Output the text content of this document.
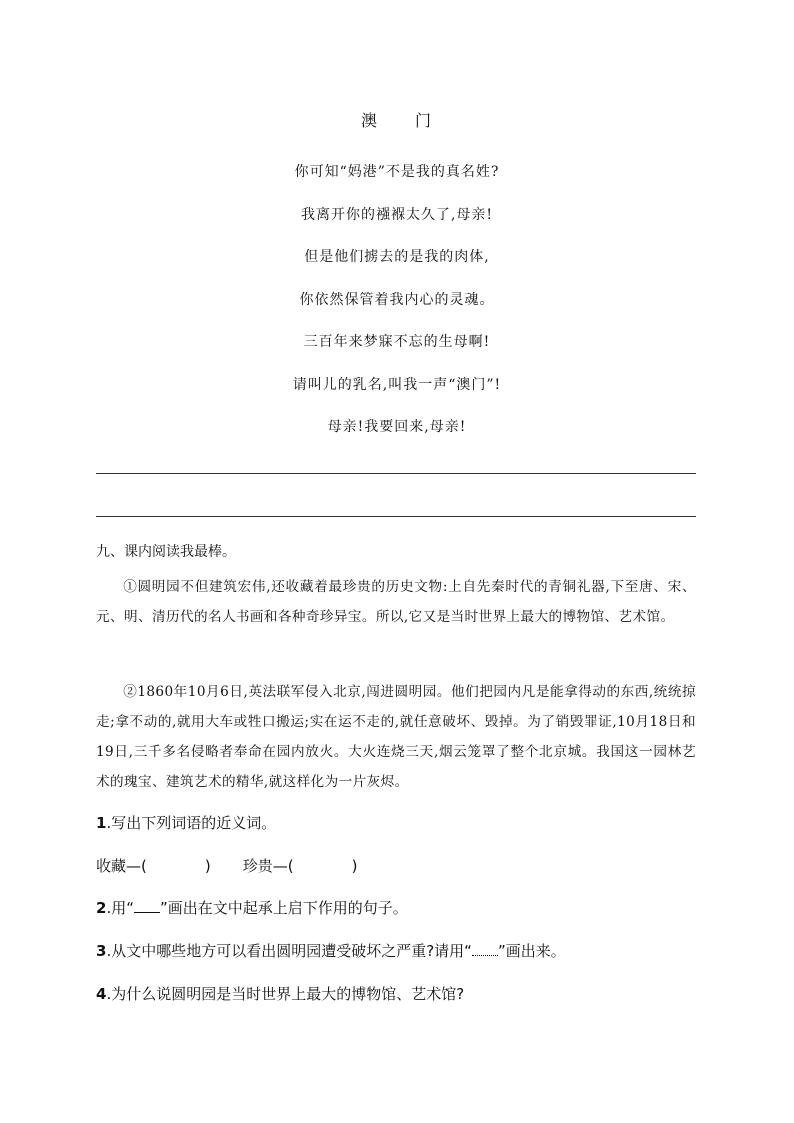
澳 门
你可知“妈港”不是我的真名姓?
我离开你的襁褓太久了,母亲!
但是他们掳去的是我的肉体,
你依然保管着我内心的灵魂。
三百年来梦寐不忘的生母啊!
请叫儿的乳名,叫我一声“澳门”!
母亲!我要回来,母亲!
九、课内阅读我最棒。
①圆明园不但建筑宏伟,还收藏着最珍贵的历史文物:上自先秦时代的青铜礼器,下至唐、宋、元、明、清历代的名人书画和各种奇珍异宝。所以,它又是当时世界上最大的博物馆、艺术馆。
②1860年10月6日,英法联军侵入北京,闯进圆明园。他们把园内凡是能拿得动的东西,统统掠走;拿不动的,就用大车或牲口搬运;实在运不走的,就任意破坏、毁掉。为了销毁罪证,10月18日和19日,三千多名侵略者奉命在园内放火。大火连烧三天,烟云笼罩了整个北京城。我国这一园林艺术的瑰宝、建筑艺术的精华,就这样化为一片灰烬。
1.写出下列词语的近义词。
收藏—(	) 珍贵—(	)
2.用“ ”画出在文中起承上启下作用的句子。
3.从文中哪些地方可以看出圆明园遭受破坏之严重?请用“ ”画出来。
4.为什么说圆明园是当时世界上最大的博物馆、艺术馆?
